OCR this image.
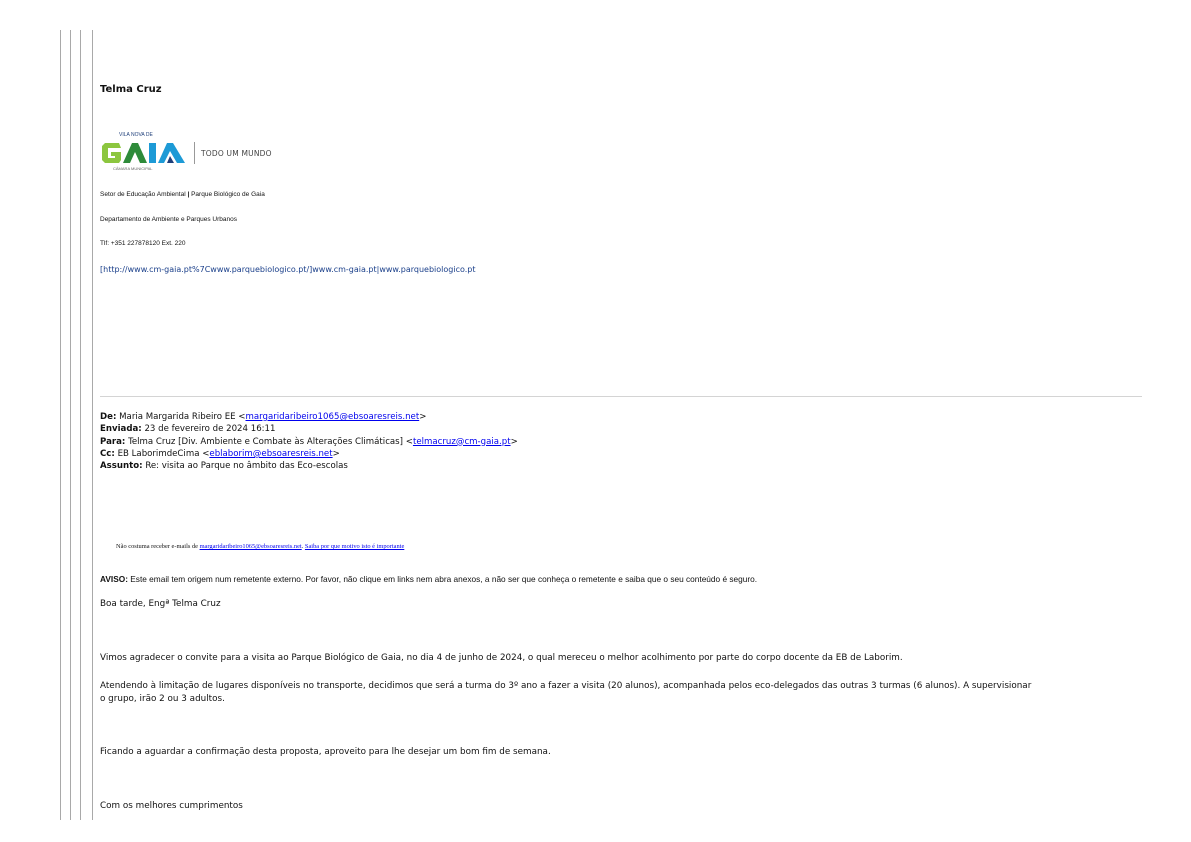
Telma Cruz
VILA NOVA DE
CÂMARA MUNICIPAL
TODO UM MUNDO
Setor de Educação Ambiental | Parque Biológico de Gaia
Departamento de Ambiente e Parques Urbanos
Tlf: +351 227878120 Ext. 220
[http://www.cm-gaia.pt%7Cwww.parquebiologico.pt/]www.cm-gaia.pt|www.parquebiologico.pt
De: Maria Margarida Ribeiro EE <margaridaribeiro1065@ebsoaresreis.net>
Enviada: 23 de fevereiro de 2024 16:11
Para: Telma Cruz [Div. Ambiente e Combate às Alterações Climáticas] <telmacruz@cm-gaia.pt>
Cc: EB LaborimdeCima <eblaborim@ebsoaresreis.net>
Assunto: Re: visita ao Parque no âmbito das Eco-escolas
Não costuma receber e-mails de margaridaribeiro1065@ebsoaresreis.net. Saiba por que motivo isto é importante
AVISO: Este email tem origem num remetente externo. Por favor, não clique em links nem abra anexos, a não ser que conheça o remetente e saiba que o seu conteúdo é seguro.
Boa tarde, Engª Telma Cruz
Vimos agradecer o convite para a visita ao Parque Biológico de Gaia, no dia 4 de junho de 2024, o qual mereceu o melhor acolhimento por parte do corpo docente da EB de Laborim.
Atendendo à limitação de lugares disponíveis no transporte, decidimos que será a turma do 3º ano a fazer a visita (20 alunos), acompanhada pelos eco-delegados das outras 3 turmas (6 alunos). A supervisionar
o grupo, irão 2 ou 3 adultos.
Ficando a aguardar a confirmação desta proposta, aproveito para lhe desejar um bom fim de semana.
Com os melhores cumprimentos
